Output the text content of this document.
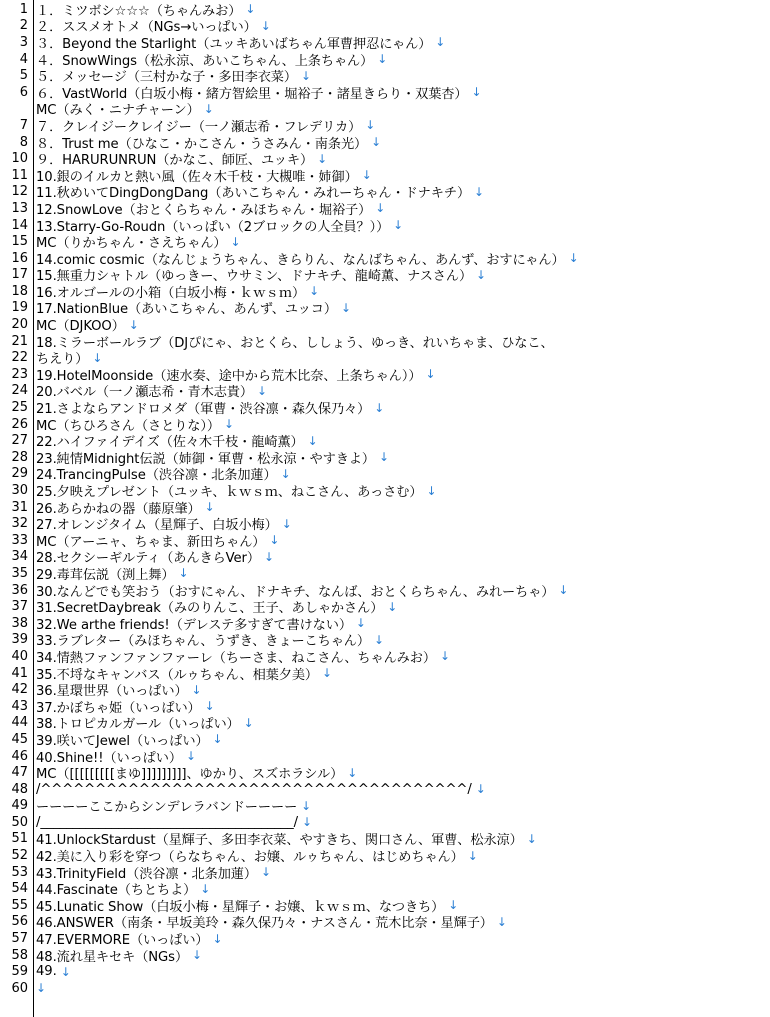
1 １．ミツボシ☆☆☆（ちゃんみお） ↓
2 ２．ススメオトメ（NGs→いっぱい） ↓
3 ３．Beyond the Starlight（ユッキあいばちゃん軍曹押忍にゃん） ↓
4 ４．SnowWings（松永涼、あいこちゃん、上条ちゃん） ↓
5 ５．メッセージ（三村かな子・多田李衣菜） ↓
6 ６．VastWorld（白坂小梅・緒方智絵里・堀裕子・諸星きらり・双葉杏） ↓
MC（みく・ニナチャーン） ↓
7 ７．クレイジークレイジー（一ノ瀬志希・フレデリカ） ↓
8 ８．Trust me（ひなこ・かこさん・うさみん・南条光） ↓
10 ９．HARURUNRUN（かなこ、師匠、ユッキ） ↓
11 10.銀のイルカと熱い風（佐々木千枝・大槻唯・姉御） ↓
12 11.秋めいてDingDongDang（あいこちゃん・みれーちゃん・ドナキチ） ↓
13 12.SnowLove（おとくらちゃん・みほちゃん・堀裕子） ↓
14 13.Starry-Go-Roudn（いっぱい（2ブロックの人全員？）） ↓
15 MC（りかちゃん・さえちゃん） ↓
16 14.comic cosmic（なんじょうちゃん、きらりん、なんばちゃん、あんず、おすにゃん） ↓
17 15.無重力シャトル（ゆっきー、ウサミン、ドナキチ、龍崎薫、ナスさん） ↓
18 16.オルゴールの小箱（白坂小梅・ｋｗｓｍ） ↓
19 17.NationBlue（あいこちゃん、あんず、ユッコ） ↓
20 MC（DJKOO） ↓
21 18.ミラーボールラブ（DJぴにゃ、おとくら、ししょう、ゆっき、れいちゃま、ひなこ、
22 ちえり） ↓
23 19.HotelMoonside（速水奏、途中から荒木比奈、上条ちゃん）） ↓
24 20.バベル（一ノ瀬志希・青木志貴） ↓
25 21.さよならアンドロメダ（軍曹・渋谷凛・森久保乃々） ↓
26 MC（ちひろさん（さとりな）） ↓
27 22.ハイファイデイズ（佐々木千枝・龍崎薫） ↓
28 23.純情Midnight伝説（姉御・軍曹・松永涼・やすきよ） ↓
29 24.TrancingPulse（渋谷凛・北条加蓮） ↓
30 25.夕映えプレゼント（ユッキ、ｋｗｓｍ、ねこさん、あっさむ） ↓
31 26.あらかねの器（藤原肇） ↓
32 27.オレンジタイム（星輝子、白坂小梅） ↓
33 MC（アーニャ、ちゃま、新田ちゃん） ↓
34 28.セクシーギルティ（あんきらVer） ↓
35 29.毒茸伝説（渕上舞） ↓
36 30.なんどでも笑おう（おすにゃん、ドナキチ、なんば、おとくらちゃん、みれーちゃ） ↓
37 31.SecretDaybreak（みのりんこ、王子、あしゃかさん） ↓
38 32.We arthe friends!（デレステ多すぎて書けない） ↓
39 33.ラブレター（みほちゃん、うずき、きょーこちゃん） ↓
40 34.情熱ファンファンファーレ（ちーさま、ねこさん、ちゃんみお） ↓
41 35.不埒なキャンバス（ルゥちゃん、相葉夕美） ↓
42 36.星環世界（いっぱい） ↓
43 37.かぼちゃ姫（いっぱい） ↓
44 38.トロピカルガール（いっぱい） ↓
45 39.咲いてJewel（いっぱい） ↓
46 40.Shine!!（いっぱい） ↓
47 MC（[[[[[[[[[まゆ]]]]]]]]]、ゆかり、スズホラシル） ↓
48 /^^^^^^^^^^^^^^^^^^^^^^^^^^^^^^^^^^^^^^^/ ↓
49 ーーーーここからシンデレラバンドーーーー ↓
50 /_______________________________________/ ↓
51 41.UnlockStardust（星輝子、多田李衣菜、やすきち、関口さん、軍曹、松永涼） ↓
52 42.美に入り彩を穿つ（らなちゃん、お嬢、ルゥちゃん、はじめちゃん） ↓
53 43.TrinityField（渋谷凛・北条加蓮） ↓
54 44.Fascinate（ちとちよ） ↓
55 45.Lunatic Show（白坂小梅・星輝子・お嬢、ｋｗｓｍ、なつきち） ↓
56 46.ANSWER（南条・早坂美玲・森久保乃々・ナスさん・荒木比奈・星輝子） ↓
57 47.EVERMORE（いっぱい） ↓
58 48.流れ星キセキ（NGs） ↓
59 49. ↓
60 ↓
